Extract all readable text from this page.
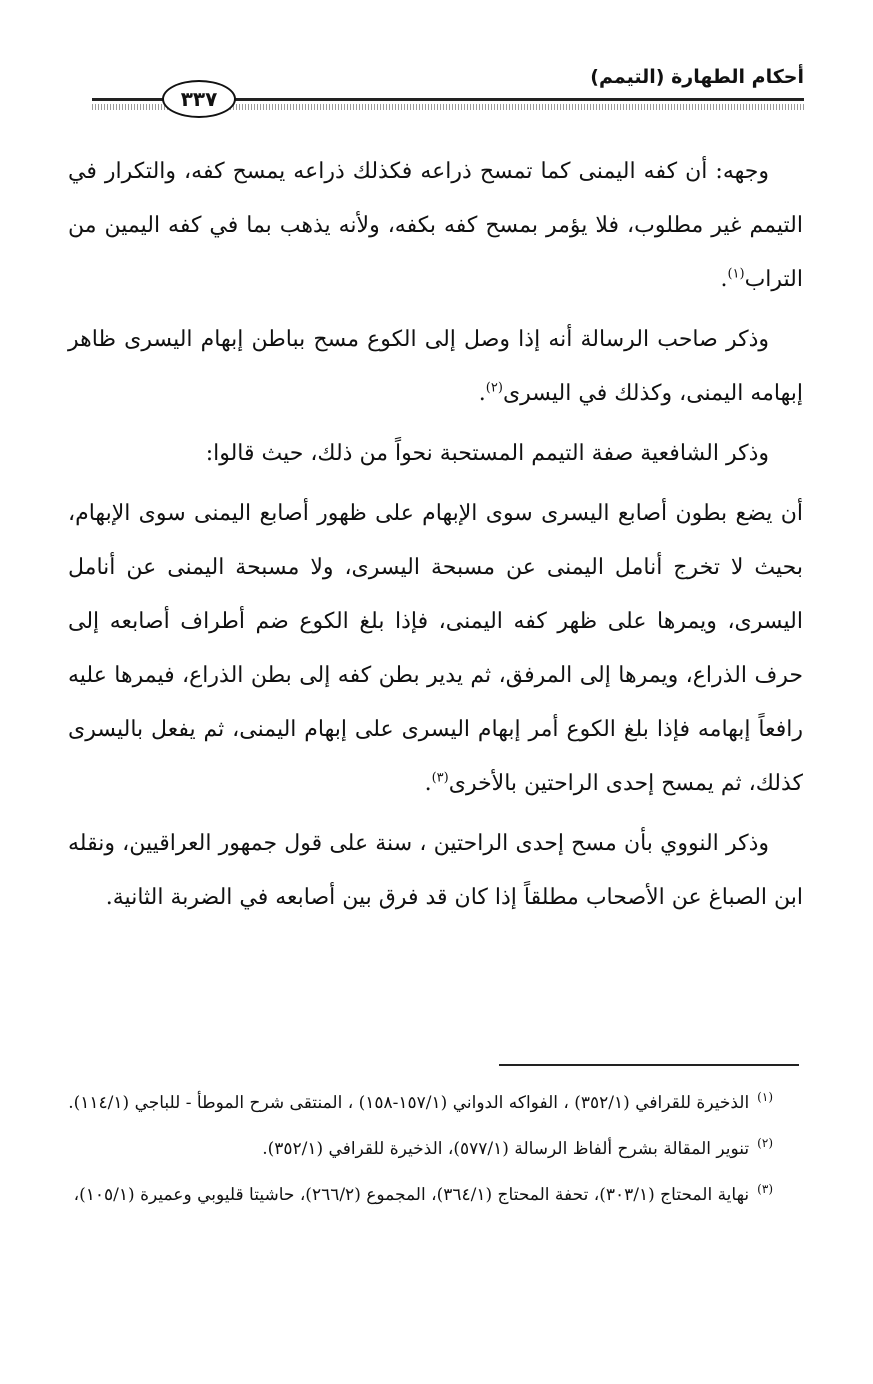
أحكام الطهارة (التيمم)
٣٣٧

وجهه: أن كفه اليمنى كما تمسح ذراعه فكذلك ذراعه يمسح كفه، والتكرار في التيمم غير مطلوب، فلا يؤمر بمسح كفه بكفه، ولأنه يذهب بما في كفه اليمين من التراب$^{(١)}$.

وذكر صاحب الرسالة أنه إذا وصل إلى الكوع مسح بباطن إبهام اليسرى ظاهر إبهامه اليمنى، وكذلك في اليسرى$^{(٢)}$.

وذكر الشافعية صفة التيمم المستحبة نحواً من ذلك، حيث قالوا:

أن يضع بطون أصابع اليسرى سوى الإبهام على ظهور أصابع اليمنى سوى الإبهام، بحيث لا تخرج أنامل اليمنى عن مسبحة اليسرى، ولا مسبحة اليمنى عن أنامل اليسرى، ويمرها على ظهر كفه اليمنى، فإذا بلغ الكوع ضم أطراف أصابعه إلى حرف الذراع، ويمرها إلى المرفق، ثم يدير بطن كفه إلى بطن الذراع، فيمرها عليه رافعاً إبهامه فإذا بلغ الكوع أمر إبهام اليسرى على إبهام اليمنى، ثم يفعل باليسرى كذلك، ثم يمسح إحدى الراحتين بالأخرى$^{(٣)}$.

وذكر النووي بأن مسح إحدى الراحتين ، سنة على قول جمهور العراقيين، ونقله ابن الصباغ عن الأصحاب مطلقاً إذا كان قد فرق بين أصابعه في الضربة الثانية.

$^{(١)}$الذخيرة للقرافي (٣٥٢/١) ، الفواكه الدواني (١٥٧/١-١٥٨) ، المنتقى شرح الموطأ - للباجي (١١٤/١).

$^{(٢)}$تنوير المقالة بشرح ألفاظ الرسالة (٥٧٧/١)، الذخيرة للقرافي (٣٥٢/١).

$^{(٣)}$نهاية المحتاج (٣٠٣/١)، تحفة المحتاج (٣٦٤/١)، المجموع (٢٦٦/٢)، حاشيتا قليوبي وعميرة (١٠٥/١)،
